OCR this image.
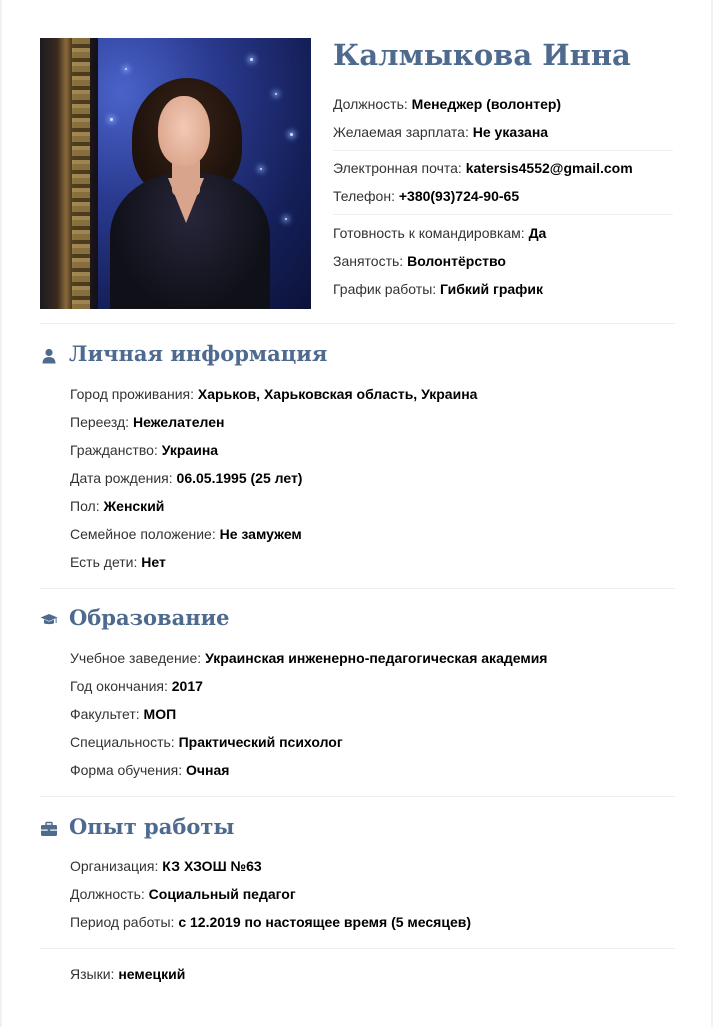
Калмыкова Инна
Должность: Менеджер (волонтер)
Желаемая зарплата: Не указана
Электронная почта: katersis4552@gmail.com
Телефон: +380(93)724-90-65
Готовность к командировкам: Да
Занятость: Волонтёрство
График работы: Гибкий график
Личная информация
Город проживания: Харьков, Харьковская область, Украина
Переезд: Нежелателен
Гражданство: Украина
Дата рождения: 06.05.1995 (25 лет)
Пол: Женский
Семейное положение: Не замужем
Есть дети: Нет
Образование
Учебное заведение: Украинская инженерно-педагогическая академия
Год окончания: 2017
Факультет: МОП
Специальность: Практический психолог
Форма обучения: Очная
Опыт работы
Организация: КЗ ХЗОШ №63
Должность: Социальный педагог
Период работы: с 12.2019 по настоящее время (5 месяцев)
Языки: немецкий
